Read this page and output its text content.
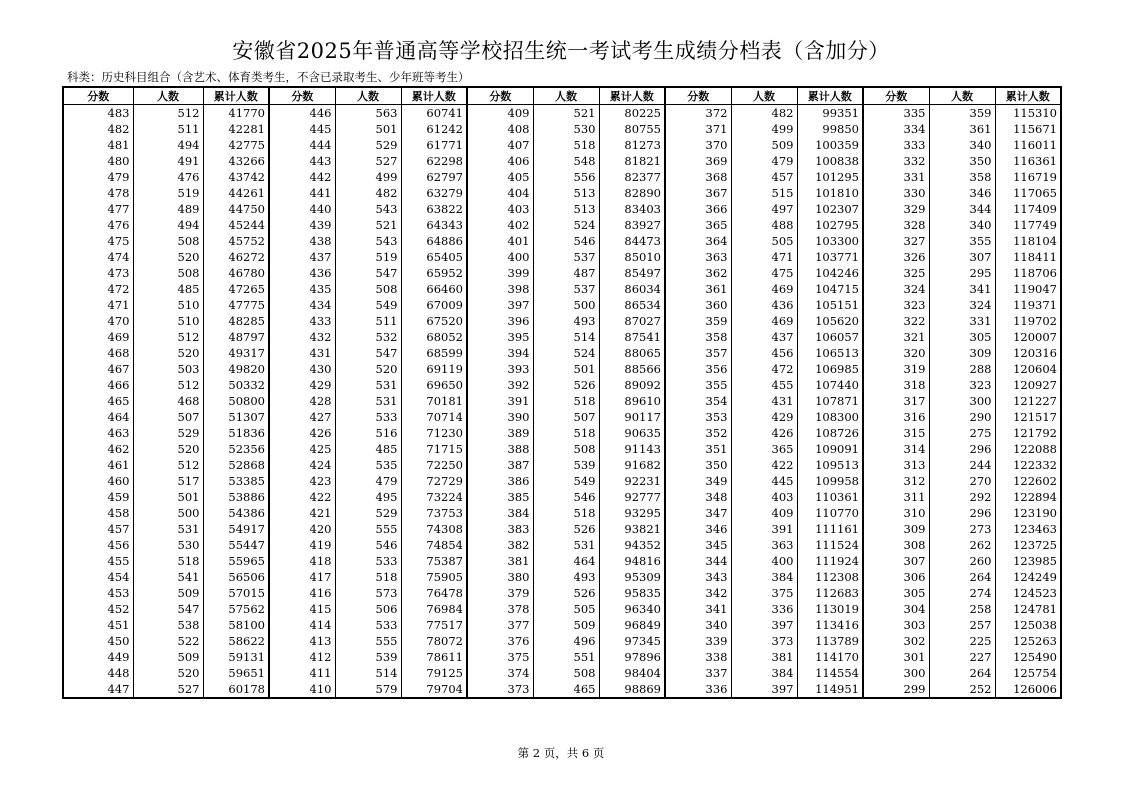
安徽省2025年普通高等学校招生统一考试考生成绩分档表（含加分）
科类：历史科目组合（含艺术、体育类考生，不含已录取考生、少年班等考生）
分数	人数	累计人数	分数	人数	累计人数	分数	人数	累计人数	分数	人数	累计人数	分数	人数	累计人数
483	512	41770	446	563	60741	409	521	80225	372	482	99351	335	359	115310
482	511	42281	445	501	61242	408	530	80755	371	499	99850	334	361	115671
481	494	42775	444	529	61771	407	518	81273	370	509	100359	333	340	116011
480	491	43266	443	527	62298	406	548	81821	369	479	100838	332	350	116361
479	476	43742	442	499	62797	405	556	82377	368	457	101295	331	358	116719
478	519	44261	441	482	63279	404	513	82890	367	515	101810	330	346	117065
477	489	44750	440	543	63822	403	513	83403	366	497	102307	329	344	117409
476	494	45244	439	521	64343	402	524	83927	365	488	102795	328	340	117749
475	508	45752	438	543	64886	401	546	84473	364	505	103300	327	355	118104
474	520	46272	437	519	65405	400	537	85010	363	471	103771	326	307	118411
473	508	46780	436	547	65952	399	487	85497	362	475	104246	325	295	118706
472	485	47265	435	508	66460	398	537	86034	361	469	104715	324	341	119047
471	510	47775	434	549	67009	397	500	86534	360	436	105151	323	324	119371
470	510	48285	433	511	67520	396	493	87027	359	469	105620	322	331	119702
469	512	48797	432	532	68052	395	514	87541	358	437	106057	321	305	120007
468	520	49317	431	547	68599	394	524	88065	357	456	106513	320	309	120316
467	503	49820	430	520	69119	393	501	88566	356	472	106985	319	288	120604
466	512	50332	429	531	69650	392	526	89092	355	455	107440	318	323	120927
465	468	50800	428	531	70181	391	518	89610	354	431	107871	317	300	121227
464	507	51307	427	533	70714	390	507	90117	353	429	108300	316	290	121517
463	529	51836	426	516	71230	389	518	90635	352	426	108726	315	275	121792
462	520	52356	425	485	71715	388	508	91143	351	365	109091	314	296	122088
461	512	52868	424	535	72250	387	539	91682	350	422	109513	313	244	122332
460	517	53385	423	479	72729	386	549	92231	349	445	109958	312	270	122602
459	501	53886	422	495	73224	385	546	92777	348	403	110361	311	292	122894
458	500	54386	421	529	73753	384	518	93295	347	409	110770	310	296	123190
457	531	54917	420	555	74308	383	526	93821	346	391	111161	309	273	123463
456	530	55447	419	546	74854	382	531	94352	345	363	111524	308	262	123725
455	518	55965	418	533	75387	381	464	94816	344	400	111924	307	260	123985
454	541	56506	417	518	75905	380	493	95309	343	384	112308	306	264	124249
453	509	57015	416	573	76478	379	526	95835	342	375	112683	305	274	124523
452	547	57562	415	506	76984	378	505	96340	341	336	113019	304	258	124781
451	538	58100	414	533	77517	377	509	96849	340	397	113416	303	257	125038
450	522	58622	413	555	78072	376	496	97345	339	373	113789	302	225	125263
449	509	59131	412	539	78611	375	551	97896	338	381	114170	301	227	125490
448	520	59651	411	514	79125	374	508	98404	337	384	114554	300	264	125754
447	527	60178	410	579	79704	373	465	98869	336	397	114951	299	252	126006
第 2 页，共 6 页
